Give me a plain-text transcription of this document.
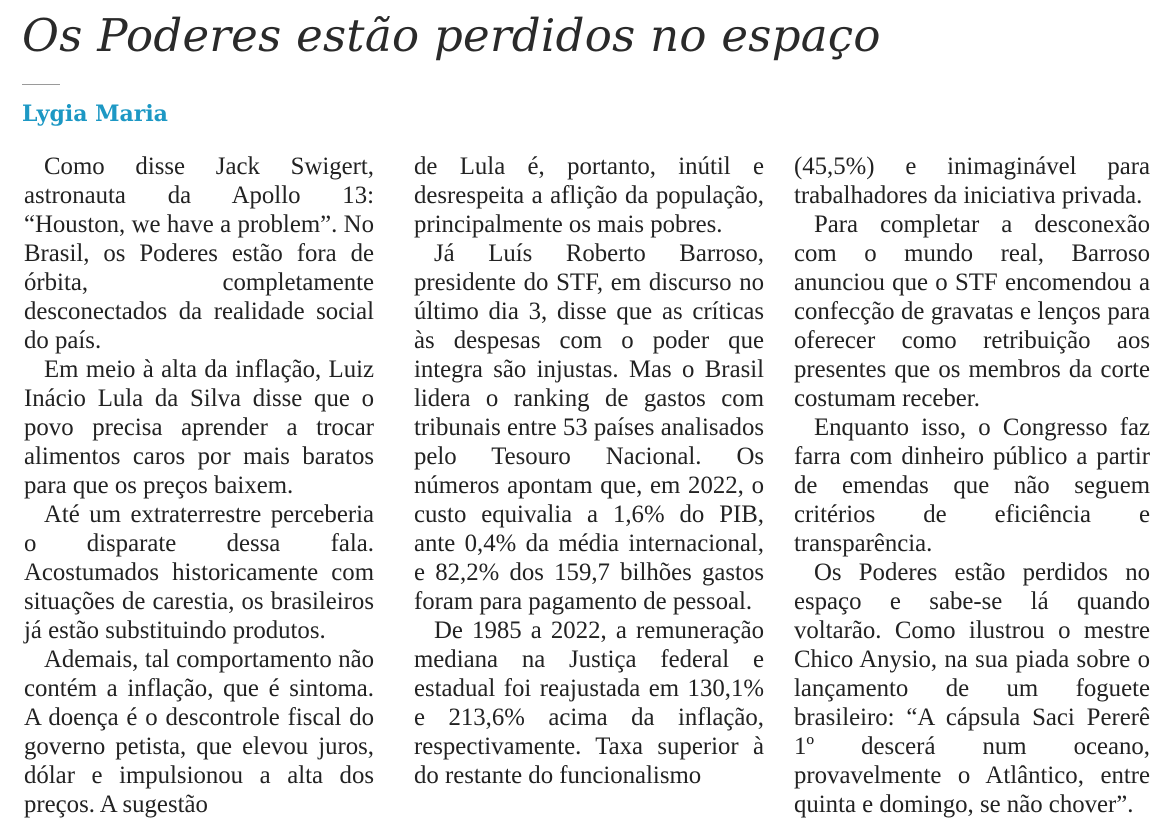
Os Poderes estão perdidos no espaço
Lygia Maria

Como disse Jack Swigert, astronauta da Apollo 13: “Houston, we have a problem”. No Brasil, os Poderes estão fora de órbita, completamente desconectados da realidade social do país.

Em meio à alta da inflação, Luiz Inácio Lula da Silva disse que o povo precisa aprender a trocar alimentos caros por mais baratos para que os preços baixem.

Até um extraterrestre perceberia o disparate dessa fala. Acostumados historicamente com situações de carestia, os brasileiros já estão substituindo produtos.

Ademais, tal comportamento não contém a inflação, que é sintoma. A doença é o descontrole fiscal do governo petista, que elevou juros, dólar e impulsionou a alta dos preços. A sugestão

de Lula é, portanto, inútil e desrespeita a aflição da população, principalmente os mais pobres.

Já Luís Roberto Barroso, presidente do STF, em discurso no último dia 3, disse que as críticas às despesas com o poder que integra são injustas. Mas o Brasil lidera o ranking de gastos com tribunais entre 53 países analisados pelo Tesouro Nacional. Os números apontam que, em 2022, o custo equivalia a 1,6% do PIB, ante 0,4% da média internacional, e 82,2% dos 159,7 bilhões gastos foram para pagamento de pessoal.

De 1985 a 2022, a remuneração mediana na Justiça federal e estadual foi reajustada em 130,1% e 213,6% acima da inflação, respectivamente. Taxa superior à do restante do funcionalismo

(45,5%) e inimaginável para trabalhadores da iniciativa privada.

Para completar a desconexão com o mundo real, Barroso anunciou que o STF encomendou a confecção de gravatas e lenços para oferecer como retribuição aos presentes que os membros da corte costumam receber.

Enquanto isso, o Congresso faz farra com dinheiro público a partir de emendas que não seguem critérios de eficiência e transparência.

Os Poderes estão perdidos no espaço e sabe-se lá quando voltarão. Como ilustrou o mestre Chico Anysio, na sua piada sobre o lançamento de um foguete brasileiro: “A cápsula Saci Pererê 1º descerá num oceano, provavelmente o Atlântico, entre quinta e domingo, se não chover”.
